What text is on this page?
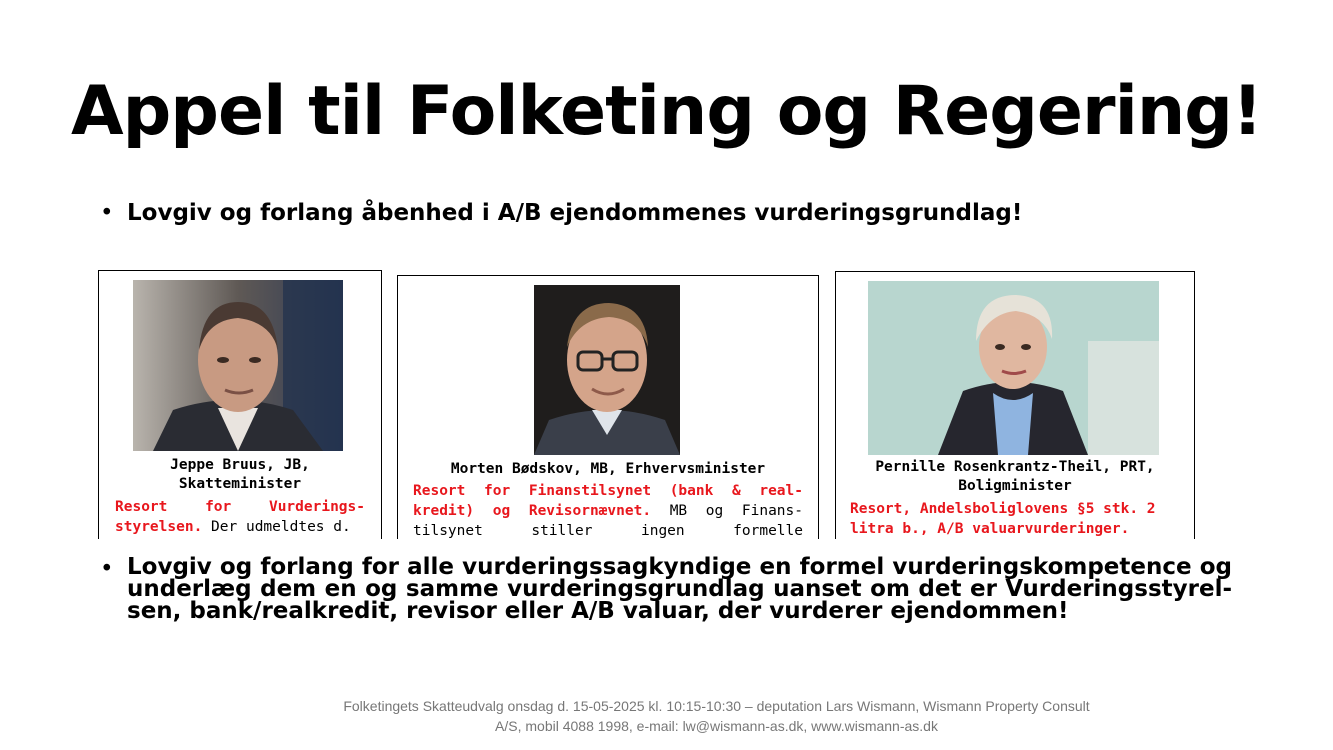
Appel til Folketing og Regering!
• Lovgiv og forlang åbenhed i A/B ejendommenes vurderingsgrundlag!
Jeppe Bruus, JB,
Skatteminister
Resort for Vurderings-styrelsen. Der udmeldtes d.
Morten Bødskov, MB, Erhvervsminister
Resort for Finanstilsynet (bank & real-kredit) og Revisornævnet. MB og Finans-tilsynet stiller ingen formelle
Pernille Rosenkrantz-Theil, PRT,
Boligminister
Resort, Andelsboliglovens §5 stk. 2 litra b., A/B valuarvurderinger.
• Lovgiv og forlang for alle vurderingssagkyndige en formel vurderingskompetence og underlæg dem en og samme vurderingsgrundlag uanset om det er Vurderingsstyrel-sen, bank/realkredit, revisor eller A/B valuar, der vurderer ejendommen!
Folketingets Skatteudvalg onsdag d. 15-05-2025 kl. 10:15-10:30 – deputation Lars Wismann, Wismann Property Consult
A/S, mobil 4088 1998, e-mail: lw@wismann-as.dk, www.wismann-as.dk
